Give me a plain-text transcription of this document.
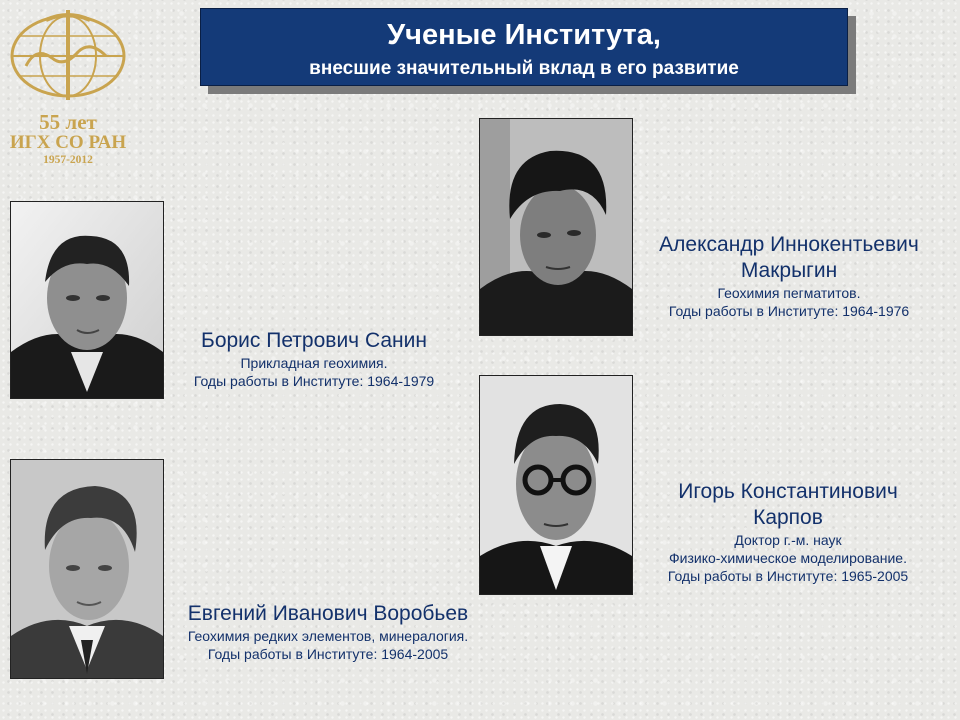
55 лет
ИГХ СО РАН
1957-2012
Ученые Института,
внесшие значительный вклад в его развитие
Борис Петрович Санин
Прикладная геохимия.
Годы работы в Институте: 1964-1979
Александр Иннокентьевич
Макрыгин
Геохимия пегматитов.
Годы работы в Институте: 1964-1976
Евгений Иванович Воробьев
Геохимия редких элементов, минералогия.
Годы работы в Институте: 1964-2005
Игорь Константинович
Карпов
Доктор г.-м. наук
Физико-химическое моделирование.
Годы работы в Институте: 1965-2005
